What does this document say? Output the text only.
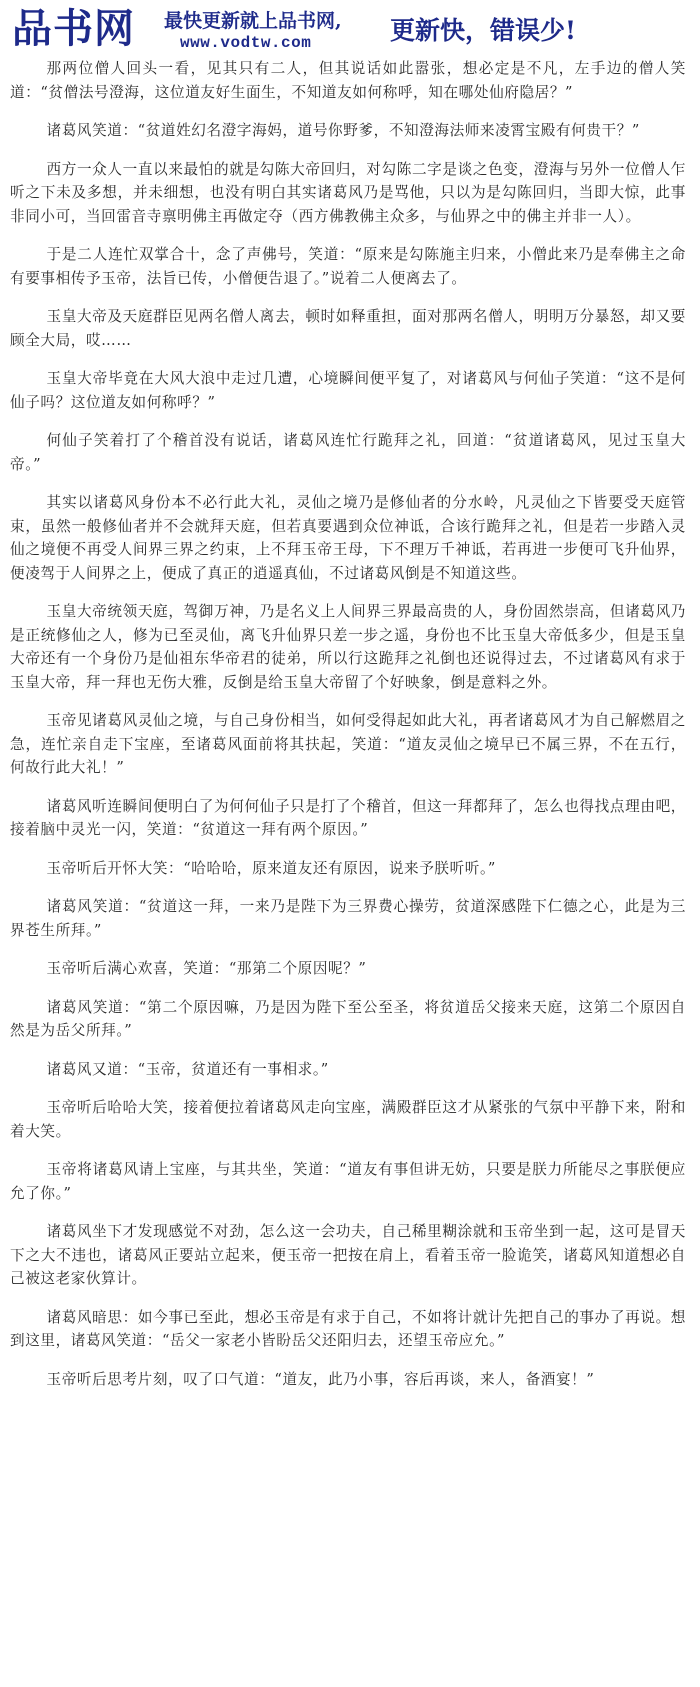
品书网 最快更新就上品书网,
www.vodtw.com	更新快，错误少!

那两位僧人回头一看，见其只有二人，但其说话如此嚣张，想必定是不凡，左手边的僧人笑道：“贫僧法号澄海，这位道友好生面生，不知道友如何称呼，知在哪处仙府隐居？”

诸葛风笑道：“贫道姓幻名澄字海妈，道号你野爹，不知澄海法师来凌霄宝殿有何贵干？”

西方一众人一直以来最怕的就是勾陈大帝回归，对勾陈二字是谈之色变，澄海与另外一位僧人乍听之下未及多想，并未细想，也没有明白其实诸葛风乃是骂他，只以为是勾陈回归，当即大惊，此事非同小可，当回雷音寺禀明佛主再做定夺（西方佛教佛主众多，与仙界之中的佛主并非一人）。

于是二人连忙双掌合十，念了声佛号，笑道：“原来是勾陈施主归来，小僧此来乃是奉佛主之命有要事相传予玉帝，法旨已传，小僧便告退了。”说着二人便离去了。

玉皇大帝及天庭群臣见两名僧人离去，顿时如释重担，面对那两名僧人，明明万分暴怒，却又要顾全大局，哎……

玉皇大帝毕竟在大风大浪中走过几遭，心境瞬间便平复了，对诸葛风与何仙子笑道：“这不是何仙子吗？这位道友如何称呼？”

何仙子笑着打了个稽首没有说话，诸葛风连忙行跪拜之礼，回道：“贫道诸葛风，见过玉皇大帝。”

其实以诸葛风身份本不必行此大礼，灵仙之境乃是修仙者的分水岭，凡灵仙之下皆要受天庭管束，虽然一般修仙者并不会就拜天庭，但若真要遇到众位神诋，合该行跪拜之礼，但是若一步踏入灵仙之境便不再受人间界三界之约束，上不拜玉帝王母，下不理万千神诋，若再进一步便可飞升仙界，便凌驾于人间界之上，便成了真正的逍遥真仙，不过诸葛风倒是不知道这些。

玉皇大帝统领天庭，驾御万神，乃是名义上人间界三界最高贵的人，身份固然崇高，但诸葛风乃是正统修仙之人，修为已至灵仙，离飞升仙界只差一步之遥，身份也不比玉皇大帝低多少，但是玉皇大帝还有一个身份乃是仙祖东华帝君的徒弟，所以行这跪拜之礼倒也还说得过去，不过诸葛风有求于玉皇大帝，拜一拜也无伤大雅，反倒是给玉皇大帝留了个好映象，倒是意料之外。

玉帝见诸葛风灵仙之境，与自己身份相当，如何受得起如此大礼，再者诸葛风才为自己解燃眉之急，连忙亲自走下宝座，至诸葛风面前将其扶起，笑道：“道友灵仙之境早已不属三界，不在五行，何故行此大礼！”

诸葛风听连瞬间便明白了为何何仙子只是打了个稽首，但这一拜都拜了，怎么也得找点理由吧，接着脑中灵光一闪，笑道：“贫道这一拜有两个原因。”

玉帝听后开怀大笑：“哈哈哈，原来道友还有原因，说来予朕听听。”

诸葛风笑道：“贫道这一拜，一来乃是陛下为三界费心操劳，贫道深感陛下仁德之心，此是为三界苍生所拜。”

玉帝听后满心欢喜，笑道：“那第二个原因呢？”

诸葛风笑道：“第二个原因嘛，乃是因为陛下至公至圣，将贫道岳父接来天庭，这第二个原因自然是为岳父所拜。”

诸葛风又道：“玉帝，贫道还有一事相求。”

玉帝听后哈哈大笑，接着便拉着诸葛风走向宝座，满殿群臣这才从紧张的气氛中平静下来，附和着大笑。

玉帝将诸葛风请上宝座，与其共坐，笑道：“道友有事但讲无妨，只要是朕力所能尽之事朕便应允了你。”

诸葛风坐下才发现感觉不对劲，怎么这一会功夫，自己稀里糊涂就和玉帝坐到一起，这可是冒天下之大不违也，诸葛风正要站立起来，便玉帝一把按在肩上，看着玉帝一脸诡笑，诸葛风知道想必自己被这老家伙算计。

诸葛风暗思：如今事已至此，想必玉帝是有求于自己，不如将计就计先把自己的事办了再说。想到这里，诸葛风笑道：“岳父一家老小皆盼岳父还阳归去，还望玉帝应允。”

玉帝听后思考片刻，叹了口气道：“道友，此乃小事，容后再谈，来人，备酒宴！”
